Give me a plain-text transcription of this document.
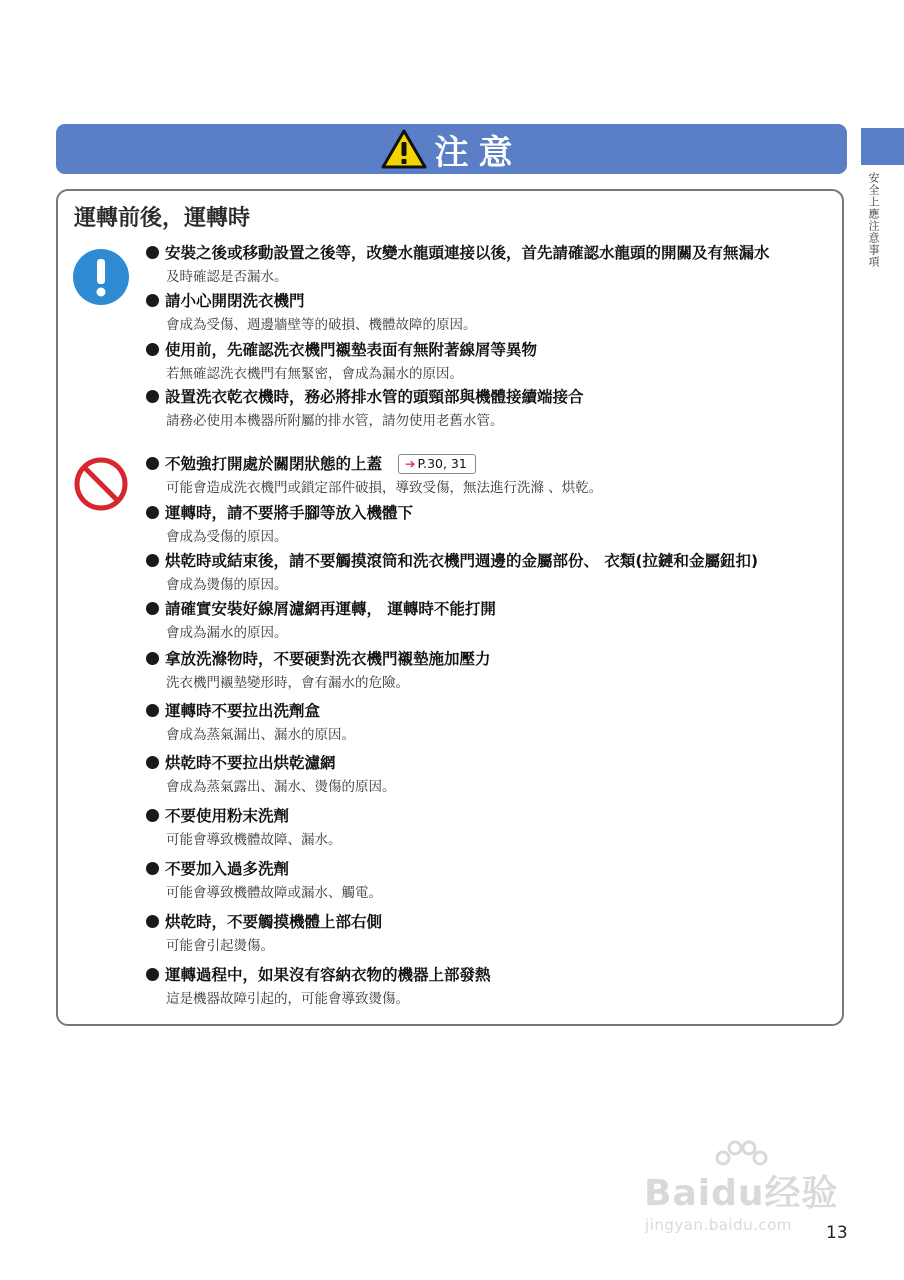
注意
安全上應注意事項
運轉前後，運轉時
安裝之後或移動設置之後等，改變水龍頭連接以後，首先請確認水龍頭的開關及有無漏水
及時確認是否漏水。
請小心開閉洗衣機門
會成為受傷、週邊牆壁等的破損、機體故障的原因。
使用前，先確認洗衣機門襯墊表面有無附著線屑等異物
若無確認洗衣機門有無緊密，會成為漏水的原因。
設置洗衣乾衣機時，務必將排水管的頭頸部與機體接續端接合
請務必使用本機器所附屬的排水管，請勿使用老舊水管。
不勉強打開處於關閉狀態的上蓋 ➔ P.30, 31
可能會造成洗衣機門或鎖定部件破損，導致受傷，無法進行洗滌 、烘乾。
運轉時，請不要將手腳等放入機體下
會成為受傷的原因。
烘乾時或結束後，請不要觸摸滾筒和洗衣機門週邊的金屬部份、 衣類(拉鏈和金屬鈕扣)
會成為燙傷的原因。
請確實安裝好線屑濾網再運轉， 運轉時不能打開
會成為漏水的原因。
拿放洗滌物時，不要硬對洗衣機門襯墊施加壓力
洗衣機門襯墊變形時，會有漏水的危險。
運轉時不要拉出洗劑盒
會成為蒸氣漏出、漏水的原因。
烘乾時不要拉出烘乾濾網
會成為蒸氣露出、漏水、燙傷的原因。
不要使用粉末洗劑
可能會導致機體故障、漏水。
不要加入過多洗劑
可能會導致機體故障或漏水、觸電。
烘乾時，不要觸摸機體上部右側
可能會引起燙傷。
運轉過程中，如果沒有容納衣物的機器上部發熱
這是機器故障引起的，可能會導致燙傷。
Baidu经验
jingyan.baidu.com 13
